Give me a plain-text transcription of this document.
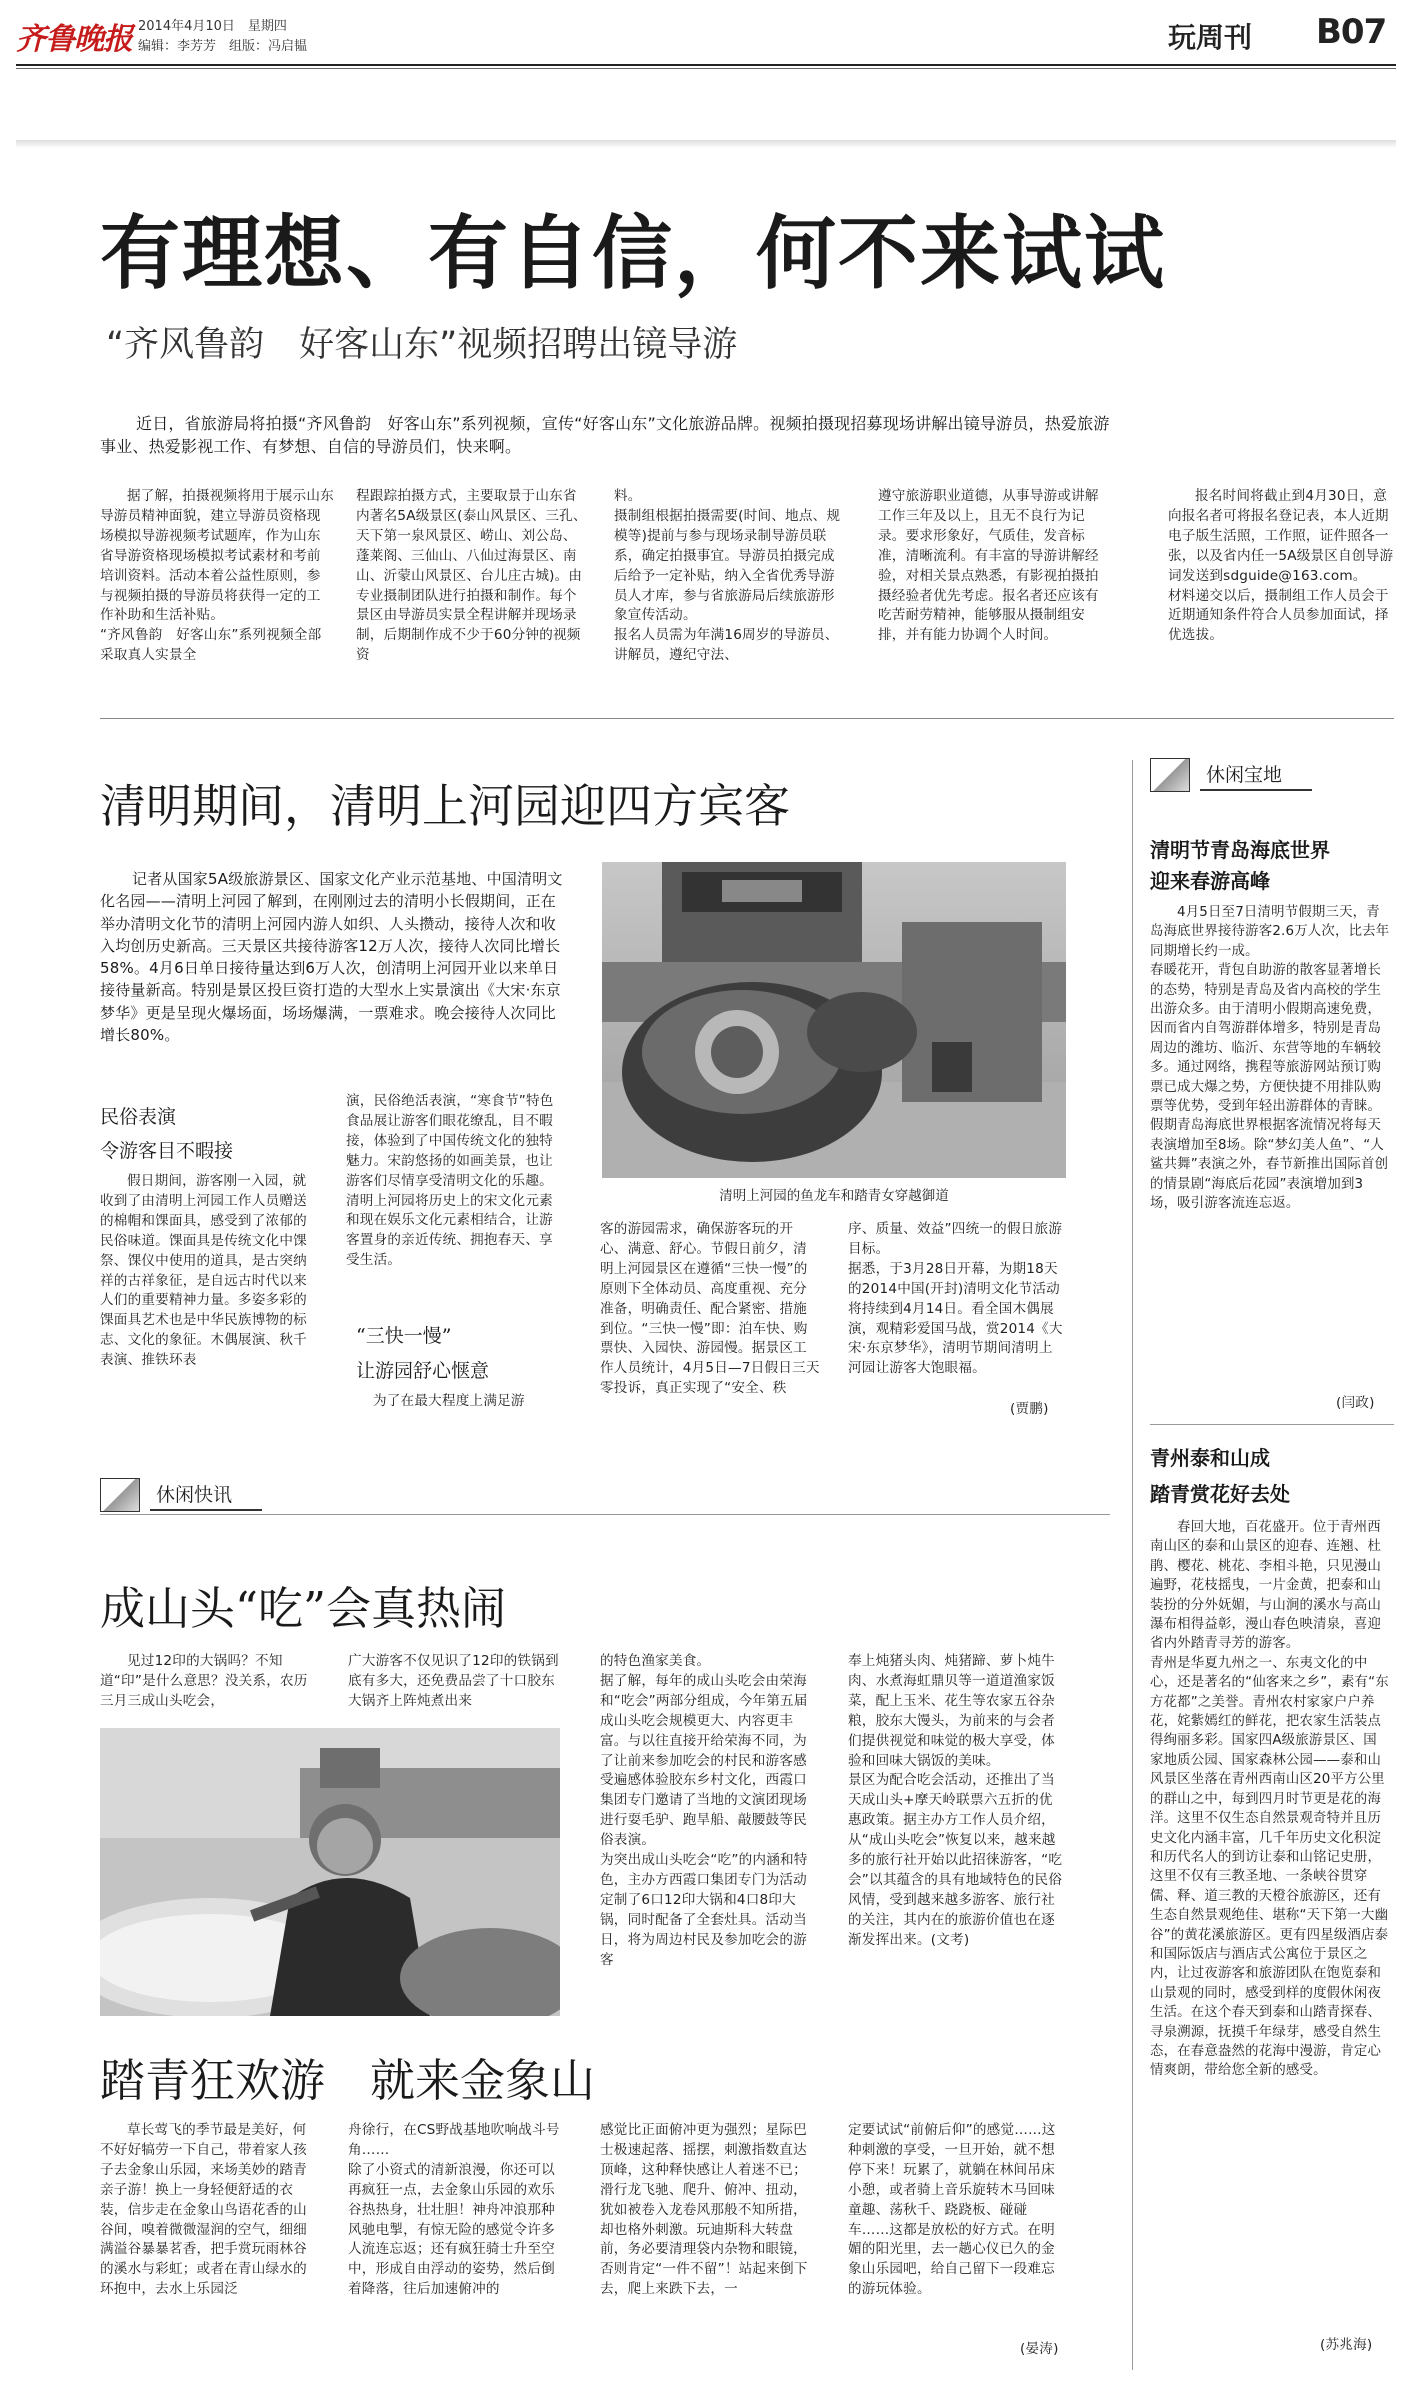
齐鲁晚报 2014年4月10日　星期四
编辑：李芳芳　组版：冯启韫	玩周刊 B07
有理想、有自信，何不来试试
“齐风鲁韵　好客山东”视频招聘出镜导游
近日，省旅游局将拍摄“齐风鲁韵　好客山东”系列视频，宣传“好客山东”文化旅游品牌。视频拍摄现招募现场讲解出镜导游员，热爱旅游事业、热爱影视工作、有梦想、自信的导游员们，快来啊。
据了解，拍摄视频将用于展示山东导游员精神面貌，建立导游员资格现场模拟导游视频考试题库，作为山东省导游资格现场模拟考试素材和考前培训资料。活动本着公益性原则，参与视频拍摄的导游员将获得一定的工作补助和生活补贴。
“齐风鲁韵　好客山东”系列视频全部采取真人实景全
程跟踪拍摄方式，主要取景于山东省内著名5A级景区(泰山风景区、三孔、天下第一泉风景区、崂山、刘公岛、蓬莱阁、三仙山、八仙过海景区、南山、沂蒙山风景区、台儿庄古城)。由专业摄制团队进行拍摄和制作。每个景区由导游员实景全程讲解并现场录制，后期制作成不少于60分钟的视频资
料。
摄制组根据拍摄需要(时间、地点、规模等)提前与参与现场录制导游员联系，确定拍摄事宜。导游员拍摄完成后给予一定补贴，纳入全省优秀导游员人才库，参与省旅游局后续旅游形象宣传活动。
报名人员需为年满16周岁的导游员、讲解员，遵纪守法、
遵守旅游职业道德，从事导游或讲解工作三年及以上，且无不良行为记录。要求形象好，气质佳，发音标准，清晰流利。有丰富的导游讲解经验，对相关景点熟悉，有影视拍摄拍摄经验者优先考虑。报名者还应该有吃苦耐劳精神，能够服从摄制组安排，并有能力协调个人时间。
报名时间将截止到4月30日，意向报名者可将报名登记表，本人近期电子版生活照，工作照，证件照各一张，以及省内任一5A级景区自创导游词发送到sdguide@163.com。
材料递交以后，摄制组工作人员会于近期通知条件符合人员参加面试，择优选拔。
清明期间，清明上河园迎四方宾客
记者从国家5A级旅游景区、国家文化产业示范基地、中国清明文化名园——清明上河园了解到，在刚刚过去的清明小长假期间，正在举办清明文化节的清明上河园内游人如织、人头攒动，接待人次和收入均创历史新高。三天景区共接待游客12万人次，接待人次同比增长58%。4月6日单日接待量达到6万人次，创清明上河园开业以来单日接待量新高。特别是景区投巨资打造的大型水上实景演出《大宋·东京梦华》更是呈现火爆场面，场场爆满，一票难求。晚会接待人次同比增长80%。
清明上河园的鱼龙车和踏青女穿越御道
民俗表演
令游客目不暇接
假日期间，游客刚一入园，就收到了由清明上河园工作人员赠送的棉帽和馃面具，感受到了浓郁的民俗味道。馃面具是传统文化中馃祭、馃仪中使用的道具，是古突纳祥的古祥象征，是自远古时代以来人们的重要精神力量。多姿多彩的馃面具艺术也是中华民族博物的标志、文化的象征。木偶展演、秋千表演、推铁环表
演，民俗绝活表演，“寒食节”特色食品展让游客们眼花缭乱，目不暇接，体验到了中国传统文化的独特魅力。宋韵悠扬的如画美景，也让游客们尽情享受清明文化的乐趣。清明上河园将历史上的宋文化元素和现在娱乐文化元素相结合，让游客置身的亲近传统、拥抱春天、享受生活。
“三快一慢”
让游园舒心惬意
为了在最大程度上满足游
客的游园需求，确保游客玩的开心、满意、舒心。节假日前夕，清明上河园景区在遵循“三快一慢”的原则下全体动员、高度重视、充分准备，明确责任、配合紧密、措施到位。“三快一慢”即：泊车快、购票快、入园快、游园慢。据景区工作人员统计，4月5日—7日假日三天零投诉，真正实现了“安全、秩
序、质量、效益”四统一的假日旅游目标。
据悉，于3月28日开幕，为期18天的2014中国(开封)清明文化节活动将持续到4月14日。看全国木偶展演，观精彩爱国马战，赏2014《大宋·东京梦华》，清明节期间清明上河园让游客大饱眼福。
(贾鹏)
休闲宝地
清明节青岛海底世界
迎来春游高峰
4月5日至7日清明节假期三天，青岛海底世界接待游客2.6万人次，比去年同期增长约一成。
春暖花开，背包自助游的散客显著增长的态势，特别是青岛及省内高校的学生出游众多。由于清明小假期高速免费，因而省内自驾游群体增多，特别是青岛周边的潍坊、临沂、东营等地的车辆较多。通过网络，携程等旅游网站预订购票已成大爆之势，方便快捷不用排队购票等优势，受到年轻出游群体的青睐。
假期青岛海底世界根据客流情况将每天表演增加至8场。除“梦幻美人鱼”、“人鲨共舞”表演之外，春节新推出国际首创的情景剧“海底后花园”表演增加到3场，吸引游客流连忘返。
(闫政)
青州泰和山成
踏青赏花好去处
春回大地，百花盛开。位于青州西南山区的泰和山景区的迎春、连翘、杜鹃、樱花、桃花、李相斗艳，只见漫山遍野，花枝摇曳，一片金黄，把泰和山装扮的分外妩媚，与山涧的溪水与高山瀑布相得益彰，漫山春色映清泉，喜迎省内外踏青寻芳的游客。
青州是华夏九州之一、东夷文化的中心，还是著名的“仙客来之乡”，素有“东方花都”之美誉。青州农村家家户户养花，姹紫嫣红的鲜花，把农家生活装点得绚丽多彩。国家四A级旅游景区、国家地质公园、国家森林公园——泰和山风景区坐落在青州西南山区20平方公里的群山之中，每到四月时节更是花的海洋。这里不仅生态自然景观奇特并且历史文化内涵丰富，几千年历史文化积淀和历代名人的到访让泰和山铭记史册，这里不仅有三教圣地、一条峡谷贯穿儒、释、道三教的天橙谷旅游区，还有生态自然景观绝佳、堪称“天下第一大幽谷”的黄花溪旅游区。更有四星级酒店泰和国际饭店与酒店式公寓位于景区之内，让过夜游客和旅游团队在饱览泰和山景观的同时，感受到样的度假休闲夜生活。在这个春天到泰和山踏青探春、寻泉溯源，抚摸千年绿芽，感受自然生态，在春意盎然的花海中漫游，肯定心情爽朗，带给您全新的感受。
(苏兆海)
休闲快讯
成山头“吃”会真热闹
见过12印的大锅吗？不知道“印”是什么意思？没关系，农历三月三成山头吃会，
广大游客不仅见识了12印的铁锅到底有多大，还免费品尝了十口胶东大锅齐上阵炖煮出来
的特色渔家美食。
据了解，每年的成山头吃会由荣海和“吃会”两部分组成，今年第五届成山头吃会规模更大、内容更丰富。与以往直接开给荣海不同，为了让前来参加吃会的村民和游客感受遍感体验胶东乡村文化，西霞口集团专门邀请了当地的文演团现场进行耍毛驴、跑旱船、敲腰鼓等民俗表演。
为突出成山头吃会“吃”的内涵和特色，主办方西霞口集团专门为活动定制了6口12印大锅和4口8印大锅，同时配备了全套灶具。活动当日，将为周边村民及参加吃会的游客
奉上炖猪头肉、炖猪蹄、萝卜炖牛肉、水煮海虹鼎贝等一道道渔家饭菜，配上玉米、花生等农家五谷杂粮，胶东大馒头，为前来的与会者们提供视觉和味觉的极大享受，体验和回味大锅饭的美味。
景区为配合吃会活动，还推出了当天成山头+摩天岭联票六五折的优惠政策。据主办方工作人员介绍，从“成山头吃会”恢复以来，越来越多的旅行社开始以此招徕游客，“吃会”以其蕴含的具有地域特色的民俗风情，受到越来越多游客、旅行社的关注，其内在的旅游价值也在逐渐发挥出来。(文考)
踏青狂欢游　就来金象山
草长莺飞的季节最是美好，何不好好犒劳一下自己，带着家人孩子去金象山乐园，来场美妙的踏青亲子游！换上一身轻便舒适的衣装，信步走在金象山鸟语花香的山谷间，嗅着微微湿润的空气，细细满溢谷暴暴茗香，把手赏玩雨林谷的溪水与彩虹；或者在青山绿水的环抱中，去水上乐园泛
舟徐行，在CS野战基地吹响战斗号角……
除了小资式的清新浪漫，你还可以再疯狂一点，去金象山乐园的欢乐谷热热身，壮壮胆！神舟冲浪那种风驰电掣，有惊无险的感觉令许多人流连忘返；还有疯狂骑士升至空中，形成自由浮动的姿势，然后倒着降落，往后加速俯冲的
感觉比正面俯冲更为强烈；星际巴士极速起落、摇摆，刺激指数直达顶峰，这种释快感让人着迷不已；滑行龙飞驰、爬升、俯冲、扭动，犹如被卷入龙卷风那般不知所措，却也格外刺激。玩迪斯科大转盘前，务必要清理袋内杂物和眼镜，否则肯定“一件不留”！站起来倒下去，爬上来跌下去，一
定要试试“前俯后仰”的感觉……这种刺激的享受，一旦开始，就不想停下来！玩累了，就躺在林间吊床小憩，或者骑上音乐旋转木马回味童趣、荡秋千、跷跷板、碰碰车……这都是放松的好方式。在明媚的阳光里，去一趟心仪已久的金象山乐园吧，给自己留下一段难忘的游玩体验。
(晏涛)
